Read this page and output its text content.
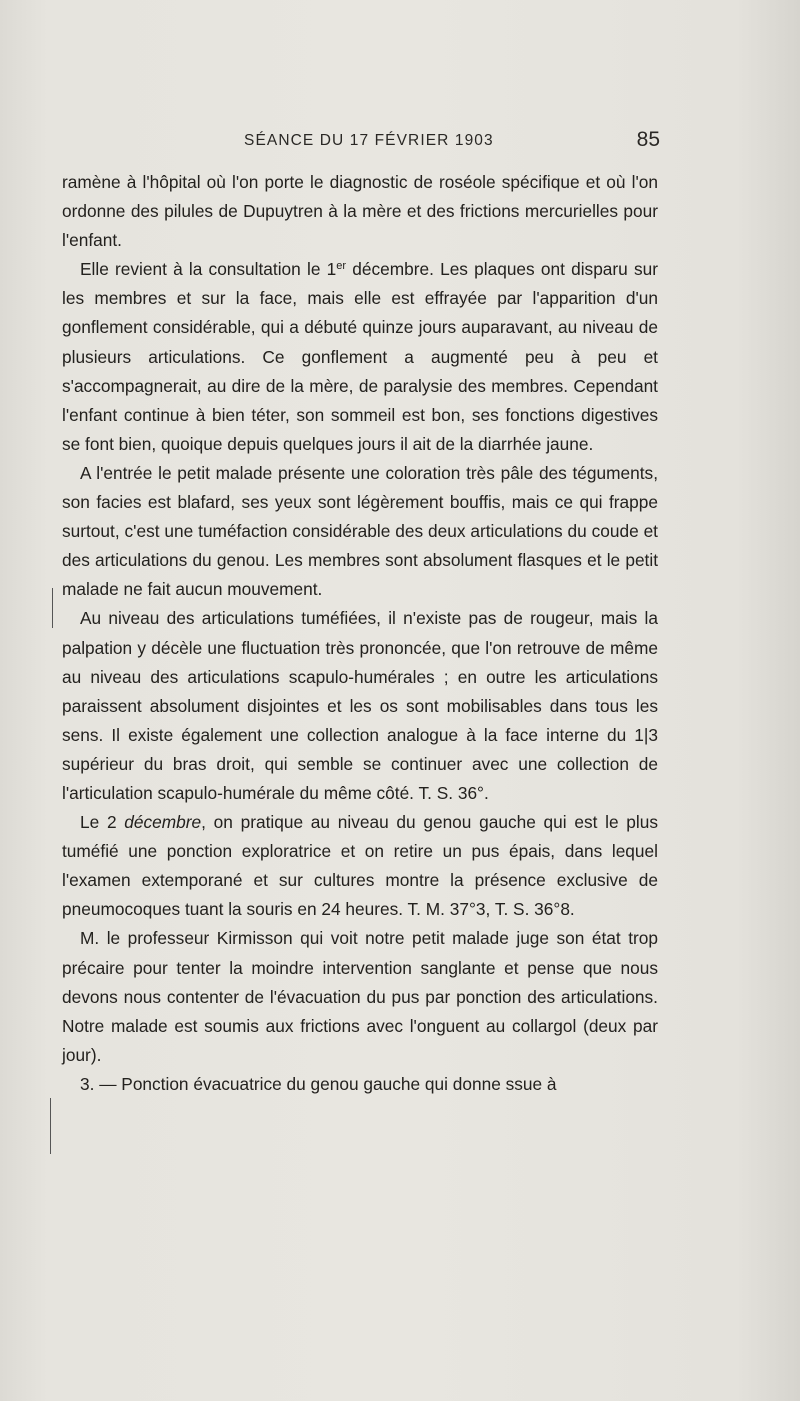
SÉANCE DU 17 FÉVRIER 1903	85

ramène à l'hôpital où l'on porte le diagnostic de roséole spécifique et où l'on ordonne des pilules de Dupuytren à la mère et des frictions mercurielles pour l'enfant.

Elle revient à la consultation le 1er décembre. Les plaques ont disparu sur les membres et sur la face, mais elle est effrayée par l'apparition d'un gonflement considérable, qui a débuté quinze jours auparavant, au niveau de plusieurs articulations. Ce gonflement a augmenté peu à peu et s'accompagnerait, au dire de la mère, de paralysie des membres. Cependant l'enfant continue à bien téter, son sommeil est bon, ses fonctions digestives se font bien, quoique depuis quelques jours il ait de la diarrhée jaune.

A l'entrée le petit malade présente une coloration très pâle des téguments, son facies est blafard, ses yeux sont légèrement bouffis, mais ce qui frappe surtout, c'est une tuméfaction considérable des deux articulations du coude et des articulations du genou. Les membres sont absolument flasques et le petit malade ne fait aucun mouvement.

Au niveau des articulations tuméfiées, il n'existe pas de rougeur, mais la palpation y décèle une fluctuation très prononcée, que l'on retrouve de même au niveau des articulations scapulo-humérales ; en outre les articulations paraissent absolument disjointes et les os sont mobilisables dans tous les sens. Il existe également une collection analogue à la face interne du 1|3 supérieur du bras droit, qui semble se continuer avec une collection de l'articulation scapulo-humérale du même côté. T. S. 36°.

Le 2 décembre, on pratique au niveau du genou gauche qui est le plus tuméfié une ponction exploratrice et on retire un pus épais, dans lequel l'examen extemporané et sur cultures montre la présence exclusive de pneumocoques tuant la souris en 24 heures. T. M. 37°3, T. S. 36°8.

M. le professeur Kirmisson qui voit notre petit malade juge son état trop précaire pour tenter la moindre intervention sanglante et pense que nous devons nous contenter de l'évacuation du pus par ponction des articulations. Notre malade est soumis aux frictions avec l'onguent au collargol (deux par jour).

3. — Ponction évacuatrice du genou gauche qui donne ssue à
